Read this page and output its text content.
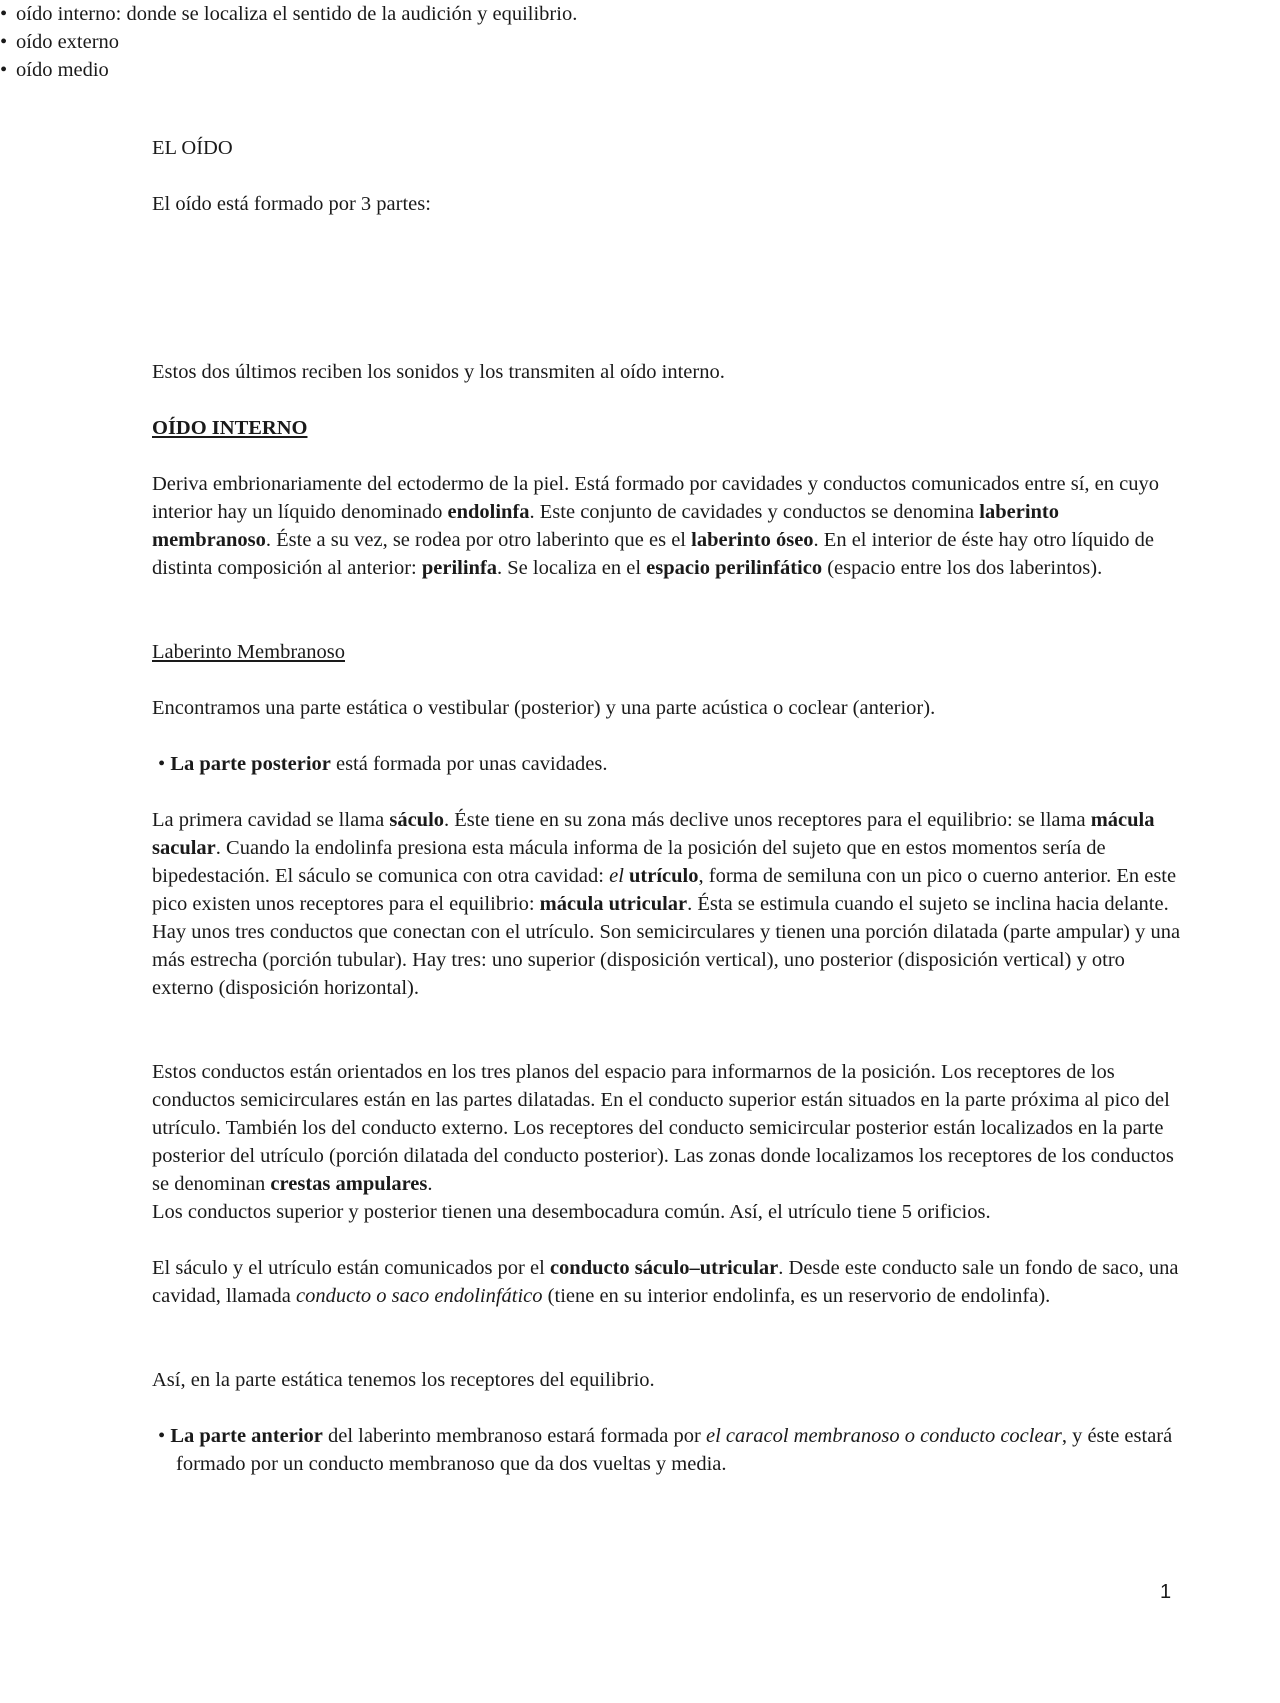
EL OÍDO

El oído está formado por 3 partes:

• oído interno: donde se localiza el sentido de la audición y equilibrio.
• oído externo
• oído medio

Estos dos últimos reciben los sonidos y los transmiten al oído interno.

OÍDO INTERNO

Deriva embrionariamente del ectodermo de la piel. Está formado por cavidades y conductos comunicados entre sí, en cuyo interior hay un líquido denominado endolinfa. Este conjunto de cavidades y conductos se denomina laberinto membranoso. Éste a su vez, se rodea por otro laberinto que es el laberinto óseo. En el interior de éste hay otro líquido de distinta composición al anterior: perilinfa. Se localiza en el espacio perilinfático (espacio entre los dos laberintos).

Laberinto Membranoso

Encontramos una parte estática o vestibular (posterior) y una parte acústica o coclear (anterior).

• La parte posterior está formada por unas cavidades.

La primera cavidad se llama sáculo. Éste tiene en su zona más declive unos receptores para el equilibrio: se llama mácula sacular. Cuando la endolinfa presiona esta mácula informa de la posición del sujeto que en estos momentos sería de bipedestación. El sáculo se comunica con otra cavidad: el utrículo, forma de semiluna con un pico o cuerno anterior. En este pico existen unos receptores para el equilibrio: mácula utricular. Ésta se estimula cuando el sujeto se inclina hacia delante. Hay unos tres conductos que conectan con el utrículo. Son semicirculares y tienen una porción dilatada (parte ampular) y una más estrecha (porción tubular). Hay tres: uno superior (disposición vertical), uno posterior (disposición vertical) y otro externo (disposición horizontal).

Estos conductos están orientados en los tres planos del espacio para informarnos de la posición. Los receptores de los conductos semicirculares están en las partes dilatadas. En el conducto superior están situados en la parte próxima al pico del utrículo. También los del conducto externo. Los receptores del conducto semicircular posterior están localizados en la parte posterior del utrículo (porción dilatada del conducto posterior). Las zonas donde localizamos los receptores de los conductos se denominan crestas ampulares.

Los conductos superior y posterior tienen una desembocadura común. Así, el utrículo tiene 5 orificios.

El sáculo y el utrículo están comunicados por el conducto sáculo–utricular. Desde este conducto sale un fondo de saco, una cavidad, llamada conducto o saco endolinfático (tiene en su interior endolinfa, es un reservorio de endolinfa).

Así, en la parte estática tenemos los receptores del equilibrio.

• La parte anterior del laberinto membranoso estará formada por el caracol membranoso o conducto coclear, y éste estará formado por un conducto membranoso que da dos vueltas y media.

1
